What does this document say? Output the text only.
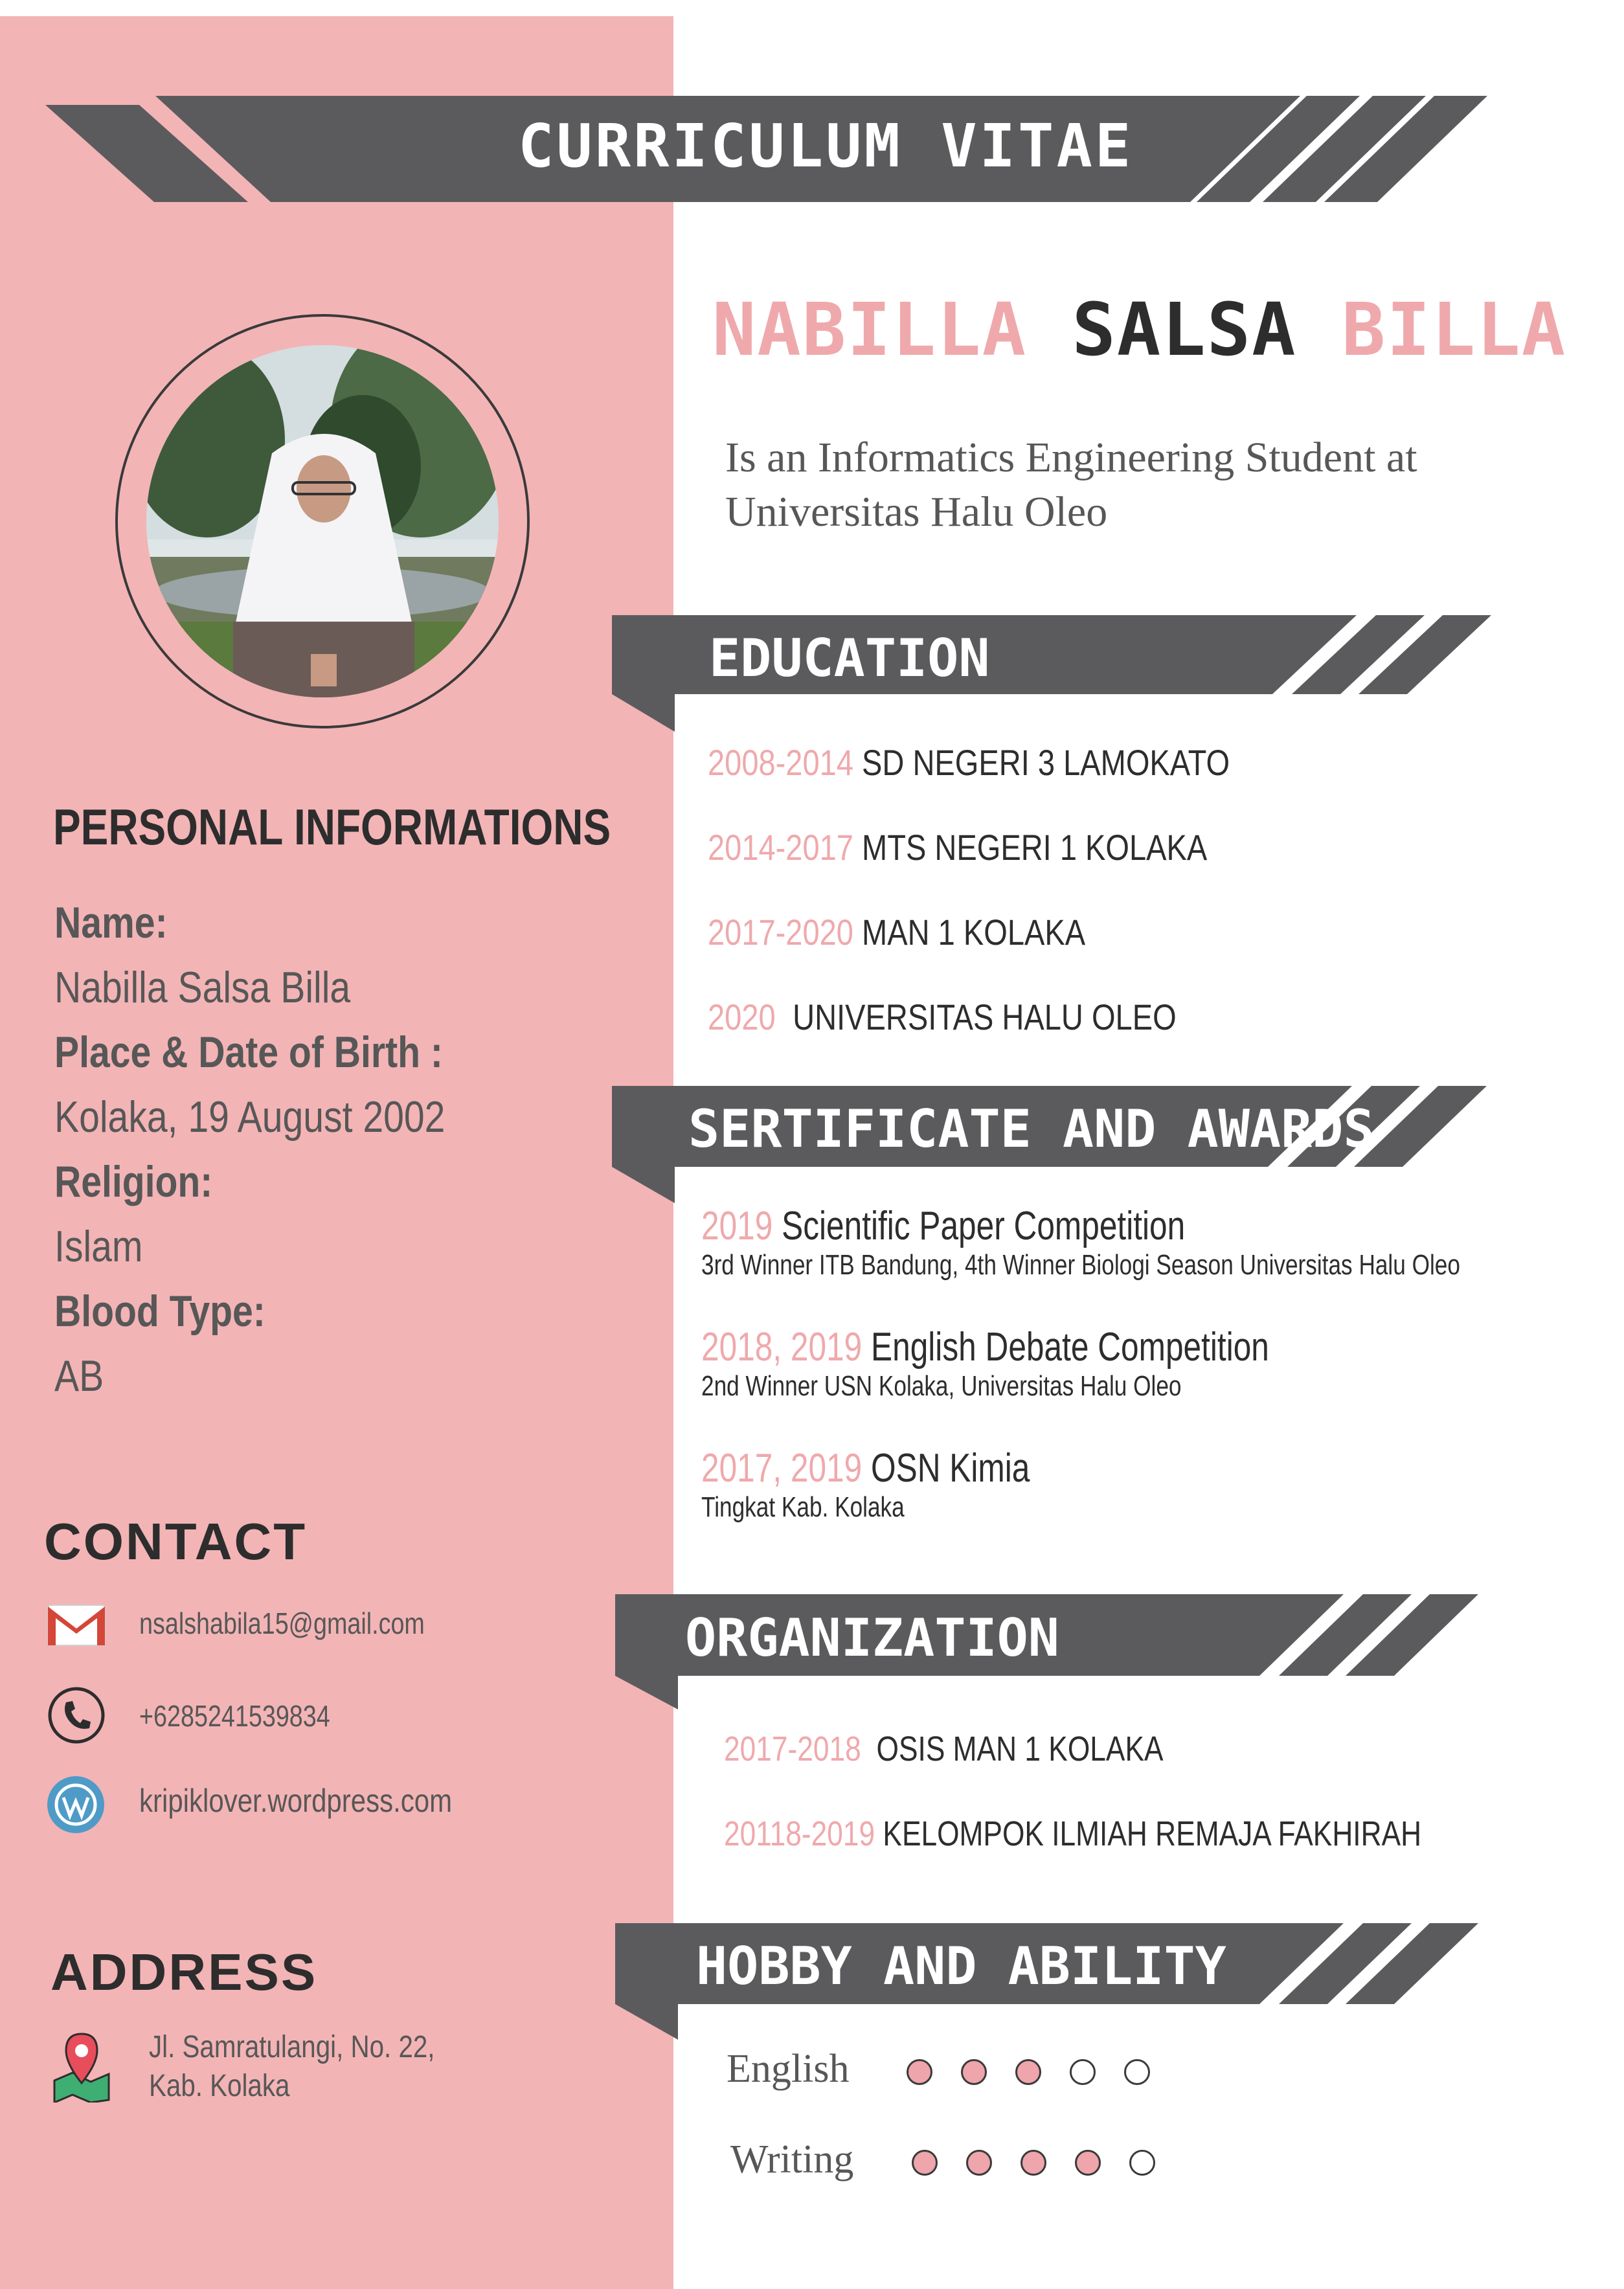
CURRICULUM VITAE
NABILLA SALSA BILLA
Is an Informatics Engineering Student at
Universitas Halu Oleo
PERSONAL INFORMATIONS
Name:
Nabilla Salsa Billa
Place & Date of Birth :
Kolaka, 19 August 2002
Religion:
Islam
Blood Type:
AB
CONTACT
nsalshabila15@gmail.com
+6285241539834
kripiklover.wordpress.com
ADDRESS
Jl. Samratulangi, No. 22,
Kab. Kolaka
EDUCATION
2008-2014 SD NEGERI 3 LAMOKATO
2014-2017 MTS NEGERI 1 KOLAKA
2017-2020 MAN 1 KOLAKA
2020 UNIVERSITAS HALU OLEO
SERTIFICATE AND AWARDS
2019 Scientific Paper Competition
3rd Winner ITB Bandung, 4th Winner Biologi Season Universitas Halu Oleo
2018, 2019 English Debate Competition
2nd Winner USN Kolaka, Universitas Halu Oleo
2017, 2019 OSN Kimia
Tingkat Kab. Kolaka
ORGANIZATION
2017-2018 OSIS MAN 1 KOLAKA
20118-2019 KELOMPOK ILMIAH REMAJA FAKHIRAH
HOBBY AND ABILITY
English
Writing
